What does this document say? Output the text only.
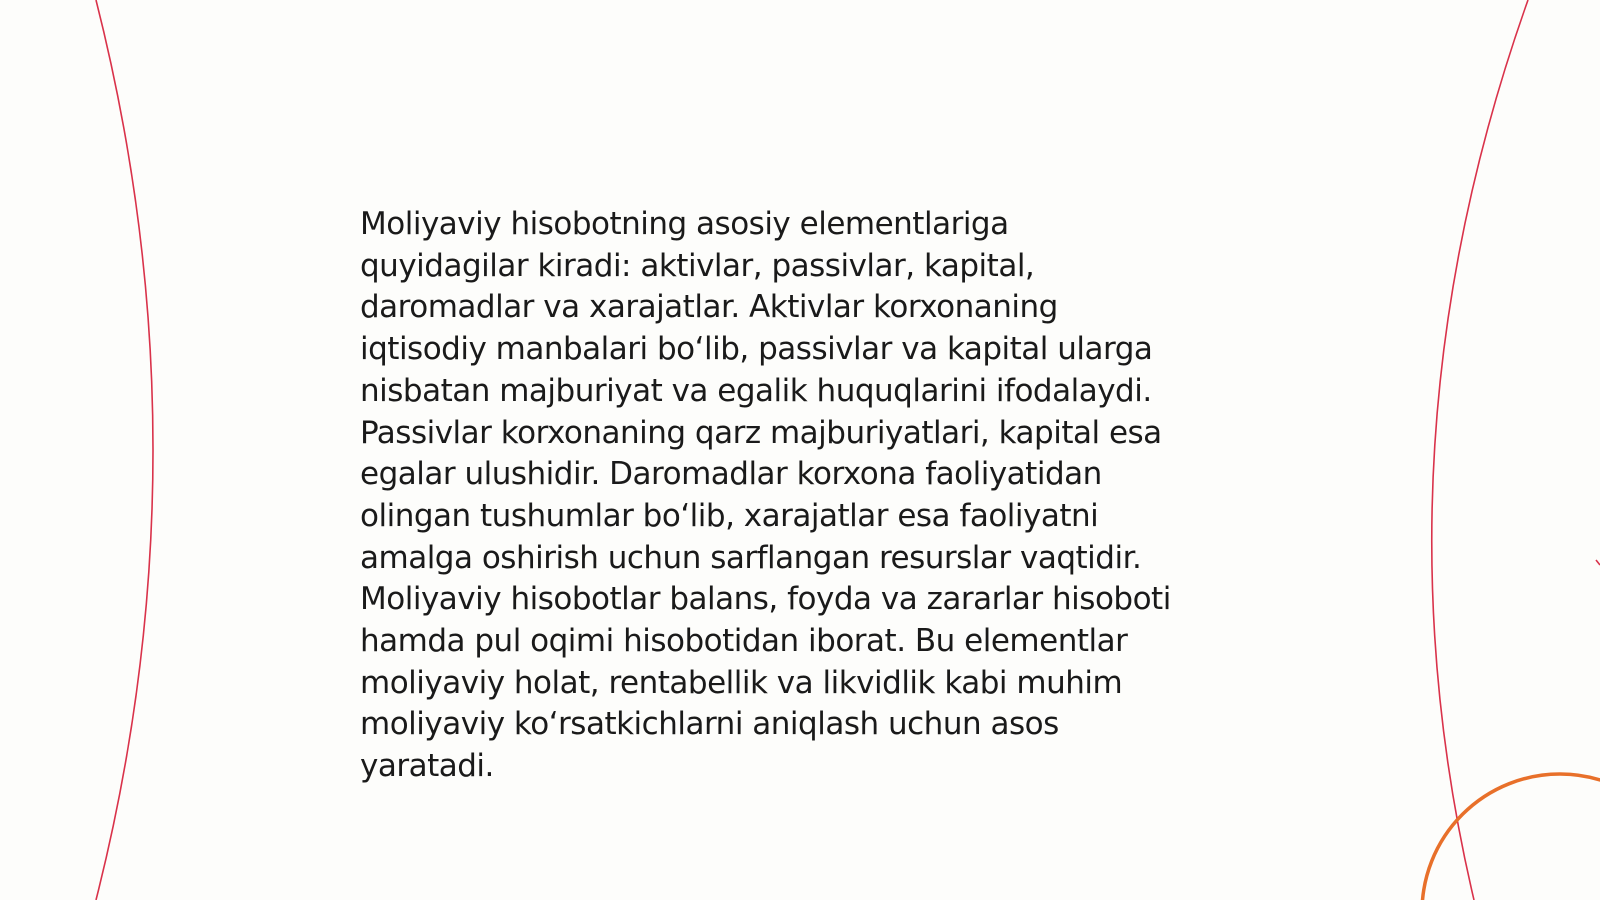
Moliyaviy hisobotning asosiy elementlariga
quyidagilar kiradi: aktivlar, passivlar, kapital,
daromadlar va xarajatlar. Aktivlar korxonaning
iqtisodiy manbalari bo‘lib, passivlar va kapital ularga
nisbatan majburiyat va egalik huquqlarini ifodalaydi.
Passivlar korxonaning qarz majburiyatlari, kapital esa
egalar ulushidir. Daromadlar korxona faoliyatidan
olingan tushumlar bo‘lib, xarajatlar esa faoliyatni
amalga oshirish uchun sarflangan resurslar vaqtidir.
Moliyaviy hisobotlar balans, foyda va zararlar hisoboti
hamda pul oqimi hisobotidan iborat. Bu elementlar
moliyaviy holat, rentabellik va likvidlik kabi muhim
moliyaviy ko‘rsatkichlarni aniqlash uchun asos
yaratadi.
